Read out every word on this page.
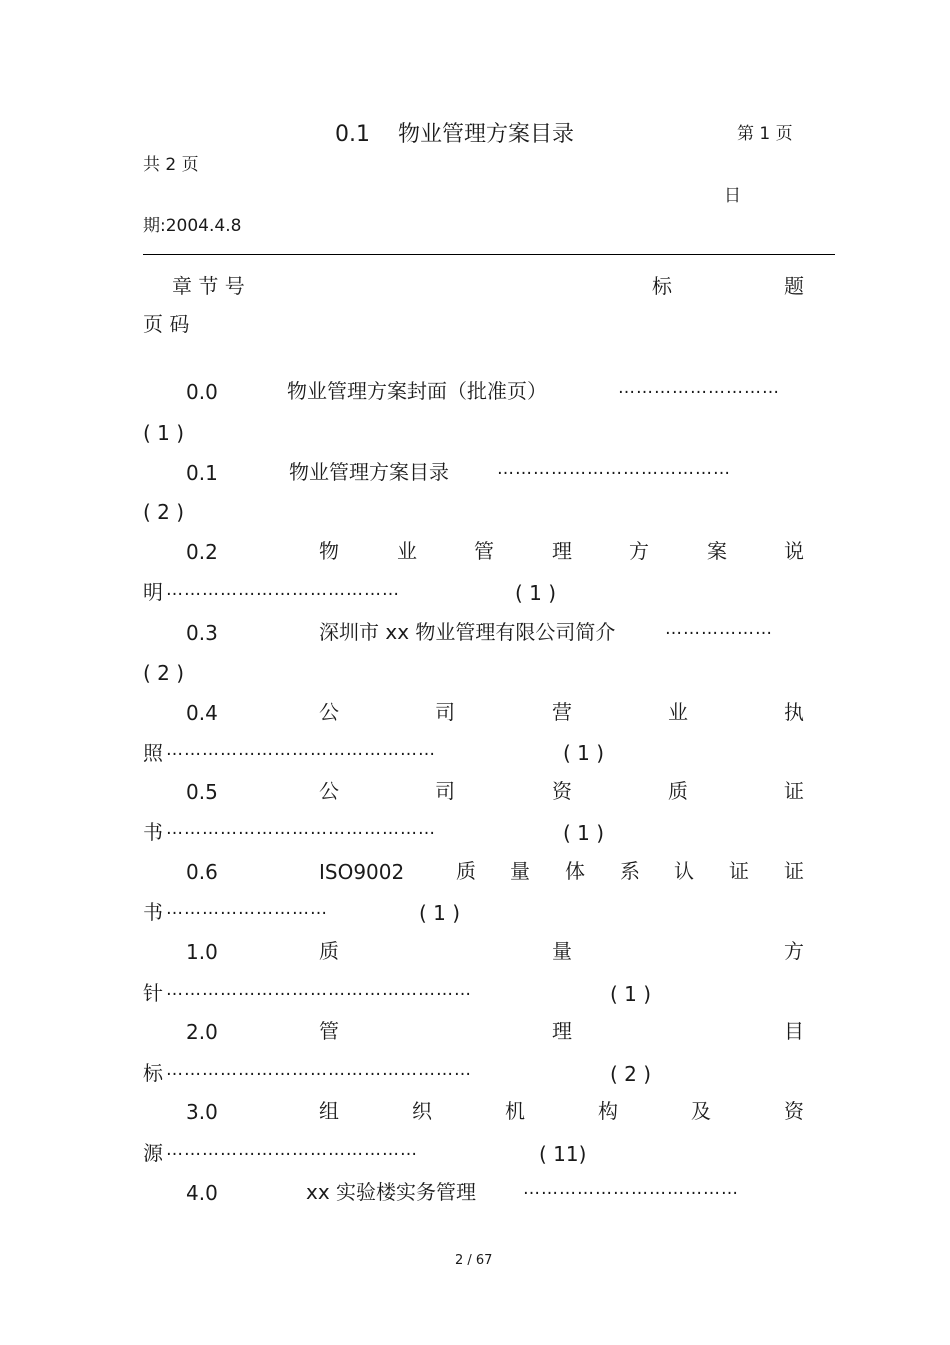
0.1 物业管理方案目录	第 1 页
共 2 页
日
期:2004.4.8
章 节 号	标	题
页 码
0.0	物业管理方案封面（批准页）	………………………
( 1 )
0.1	物业管理方案目录	…………………………………
( 2 )
0.2	物	业	管	理	方	案	说
明 …………………………………	( 1 )
0.3	深圳市 xx 物业管理有限公司简介	………………
( 2 )
0.4	公	司	营	业	执
照 ………………………………………	( 1 )
0.5	公	司	资	质	证
书 ………………………………………	( 1 )
0.6	ISO9002	质 量 体 系 认 证 证
书 ………………………	( 1 )
1.0	质	量	方
针 ……………………………………………	( 1 )
2.0	管	理	目
标 ……………………………………………	( 2 )
3.0	组	织	机	构	及	资
源 ……………………………………	( 11)
4.0	xx 实验楼实务管理	………………………………
2 / 67
